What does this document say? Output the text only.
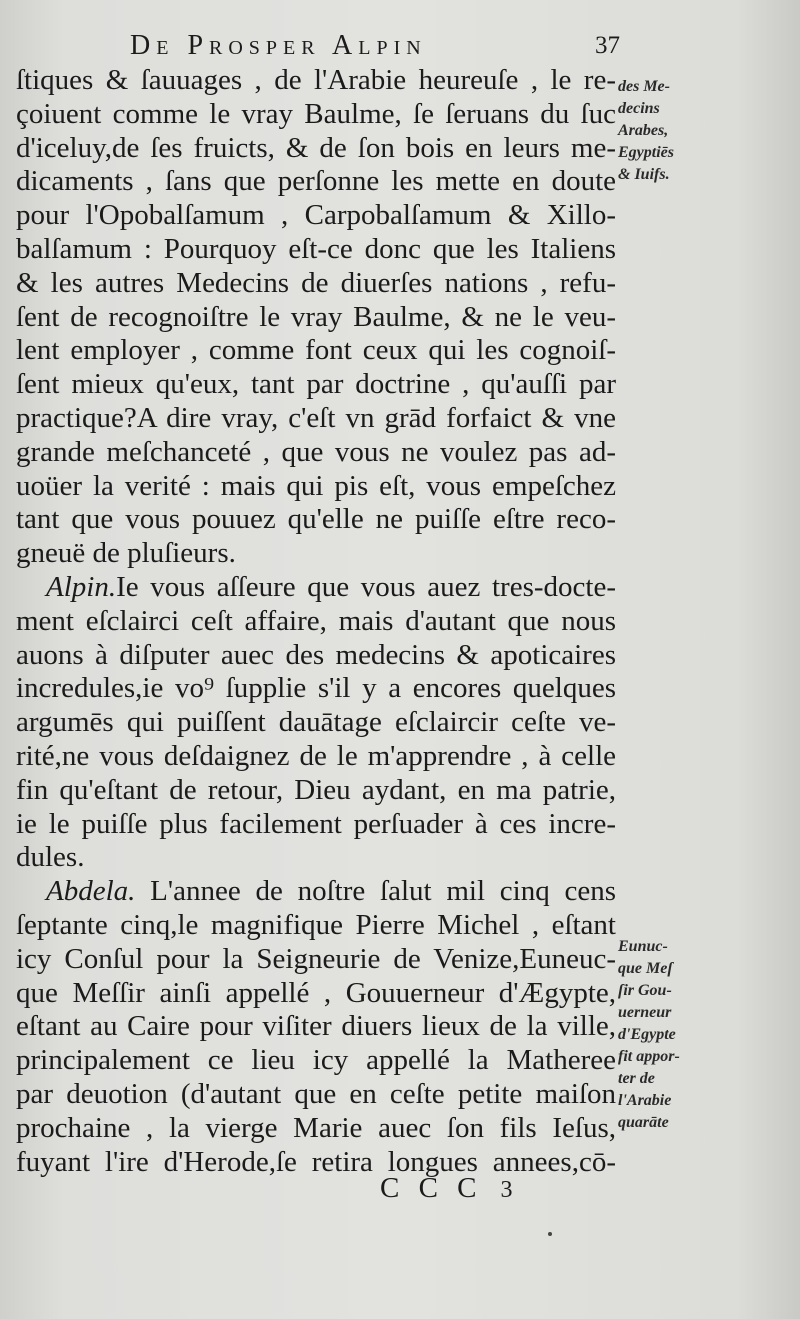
De Prosper Alpin	37
ſtiques & ſauuages , de l'Arabie heureuſe , le re-
çoiuent comme le vray Baulme, ſe ſeruans du ſuc
d'iceluy,de ſes fruicts, & de ſon bois en leurs me-
dicaments , ſans que perſonne les mette en doute
pour l'Opobalſamum , Carpobalſamum & Xillo-
balſamum : Pourquoy eſt-ce donc que les Italiens
& les autres Medecins de diuerſes nations , refu-
ſent de recognoiſtre le vray Baulme, & ne le veu-
lent employer , comme font ceux qui les cognoiſ-
ſent mieux qu'eux, tant par doctrine , qu'auſſi par
practique?A dire vray, c'eſt vn grād forfaict & vne
grande meſchanceté , que vous ne voulez pas ad-
uoüer la verité : mais qui pis eſt, vous empeſchez
tant que vous pouuez qu'elle ne puiſſe eſtre reco-
gneuë de pluſieurs.
Alpin.Ie vous aſſeure que vous auez tres-docte-
ment eſclairci ceſt affaire, mais d'autant que nous
auons à diſputer auec des medecins & apoticaires
incredules,ie vo⁹ ſupplie s'il y a encores quelques
argumēs qui puiſſent dauātage eſclaircir ceſte ve-
rité,ne vous deſdaignez de le m'apprendre , à celle
fin qu'eſtant de retour, Dieu aydant, en ma patrie,
ie le puiſſe plus facilement perſuader à ces incre-
dules.
Abdela. L'annee de noſtre ſalut mil cinq cens
ſeptante cinq,le magnifique Pierre Michel , eſtant
icy Conſul pour la Seigneurie de Venize,Euneuc-
que Meſſir ainſi appellé , Gouuerneur d'Ægypte,
eſtant au Caire pour viſiter diuers lieux de la ville,
principalement ce lieu icy appellé la Matheree
par deuotion (d'autant que en ceſte petite maiſon
prochaine , la vierge Marie auec ſon fils Ieſus,
fuyant l'ire d'Herode,ſe retira longues annees,cō-
des Me-
decins
Arabes,
Egyptiēs
& Iuifs.
Eunuc-
que Meſ
ſir Gou-
uerneur
d'Egypte
fit appor-
ter de
l'Arabie
quarāte
C C C 3
